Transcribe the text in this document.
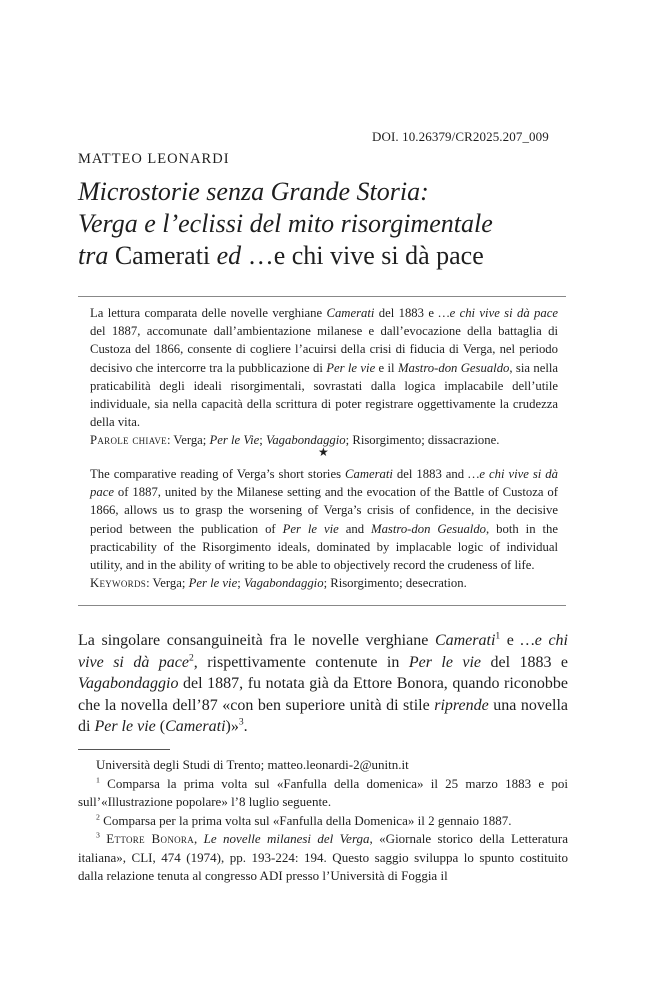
DOI. 10.26379/CR2025.207_009
MATTEO LEONARDI
Microstorie senza Grande Storia:
Verga e l’eclissi del mito risorgimentale
tra Camerati ed …e chi vive si dà pace
La lettura comparata delle novelle verghiane Camerati del 1883 e …e chi vive si dà pace del 1887, accomunate dall’ambientazione milanese e dall’evocazione della battaglia di Custoza del 1866, consente di cogliere l’acuirsi della crisi di fiducia di Verga, nel periodo decisivo che intercorre tra la pubblicazione di Per le vie e il Mastro-don Gesualdo, sia nella praticabilità degli ideali risorgimentali, sovrastati dalla logica implacabile dell’utile individuale, sia nella capacità della scrittura di poter registrare oggettivamente la crudezza della vita.
Parole chiave: Verga; Per le Vie; Vagabondaggio; Risorgimento; dissacrazione.
★
The comparative reading of Verga’s short stories Camerati del 1883 and …e chi vive si dà pace of 1887, united by the Milanese setting and the evocation of the Battle of Custoza of 1866, allows us to grasp the worsening of Verga’s crisis of confidence, in the decisive period between the publication of Per le vie and Mastro-don Gesualdo, both in the practicability of the Risorgimento ideals, dominated by implacable logic of individual utility, and in the ability of writing to be able to objectively record the crudeness of life.
Keywords: Verga; Per le vie; Vagabondaggio; Risorgimento; desecration.
La singolare consanguineità fra le novelle verghiane Camerati$^1$ e …e chi vive si dà pace$^2$, rispettivamente contenute in Per le vie del 1883 e Vagabondaggio del 1887, fu notata già da Ettore Bonora, quando riconobbe che la novella dell’87 «con ben superiore unità di stile riprende una novella di Per le vie (Camerati)»$^3$.
Università degli Studi di Trento; matteo.leonardi-2@unitn.it
$^1$ Comparsa la prima volta sul «Fanfulla della domenica» il 25 marzo 1883 e poi sull’«Illustrazione popolare» l’8 luglio seguente.
$^2$ Comparsa per la prima volta sul «Fanfulla della Domenica» il 2 gennaio 1887.
$^3$ Ettore Bonora, Le novelle milanesi del Verga, «Giornale storico della Letteratura italiana», CLI, 474 (1974), pp. 193-224: 194. Questo saggio sviluppa lo spunto costituito dalla relazione tenuta al congresso ADI presso l’Università di Foggia il
